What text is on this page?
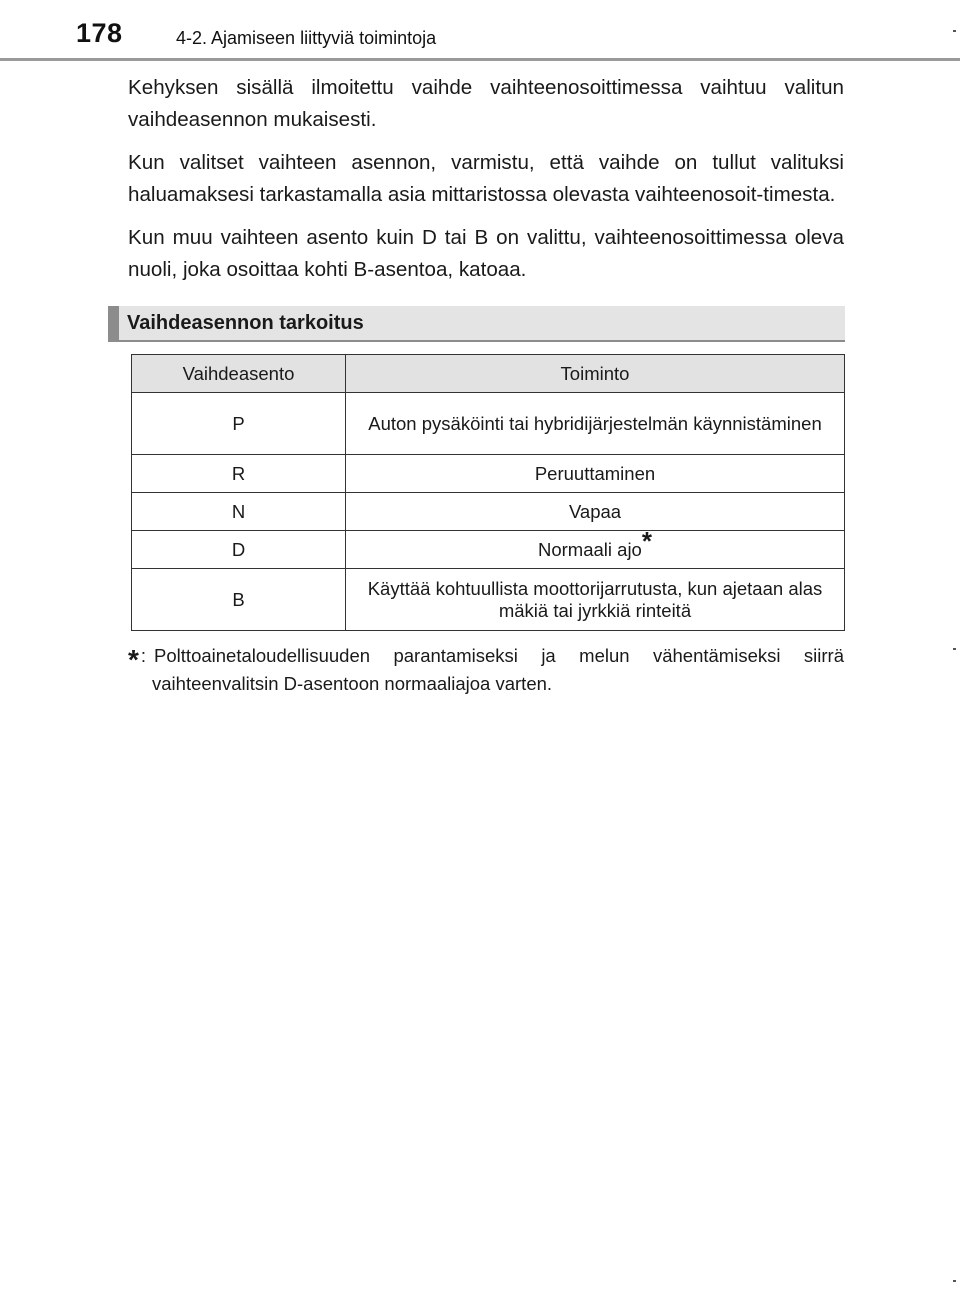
178	4-2. Ajamiseen liittyviä toimintoja

Kehyksen sisällä ilmoitettu vaihde vaihteenosoittimessa vaihtuu valitun vaihdeasennon mukaisesti.

Kun valitset vaihteen asennon, varmistu, että vaihde on tullut valituksi haluamaksesi tarkastamalla asia mittaristossa olevasta vaihteenosoit-timesta.

Kun muu vaihteen asento kuin D tai B on valittu, vaihteenosoittimessa oleva nuoli, joka osoittaa kohti B-asentoa, katoaa.

Vaihdeasennon tarkoitus
Vaihdeasento	Toiminto
P	Auton pysäköinti tai hybridijärjestelmän käynnistäminen
R	Peruuttaminen
N	Vapaa
D	Normaali ajo*
B	Käyttää kohtuullista moottorijarrutusta, kun ajetaan alas mäkiä tai jyrkkiä rinteitä
* : Polttoainetaloudellisuuden parantamiseksi ja melun vähentämiseksi siirrä
vaihteenvalitsin D-asentoon normaaliajoa varten.
